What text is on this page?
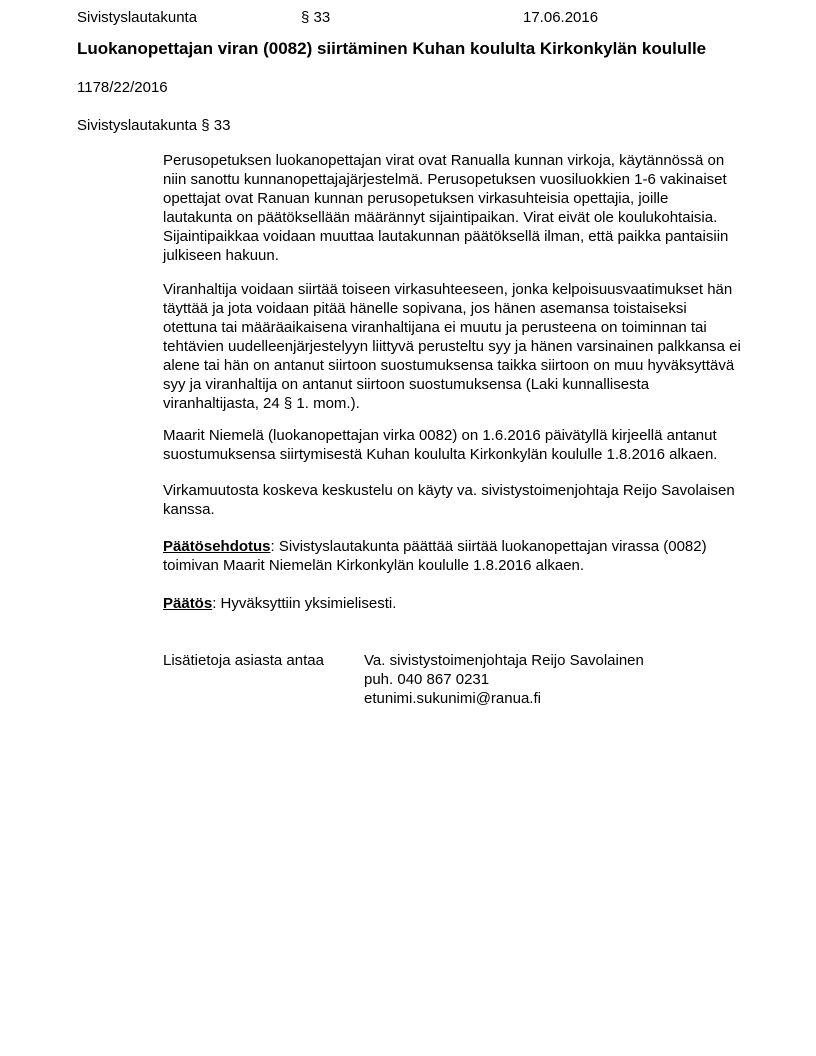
Sivistyslautakunta	§ 33	17.06.2016
Luokanopettajan viran (0082) siirtäminen Kuhan koululta Kirkonkylän koululle
1178/22/2016
Sivistyslautakunta § 33

Perusopetuksen luokanopettajan virat ovat Ranualla kunnan virkoja, käytännössä on niin sanottu kunnanopettajajärjestelmä. Perusopetuksen vuosiluokkien 1-6 vakinaiset opettajat ovat Ranuan kunnan perusopetuksen virkasuhteisia opettajia, joille lautakunta on päätöksellään määrännyt sijaintipaikan. Virat eivät ole koulukohtaisia. Sijaintipaikkaa voidaan muuttaa lautakunnan päätöksellä ilman, että paikka pantaisiin julkiseen hakuun.

Viranhaltija voidaan siirtää toiseen virkasuhteeseen, jonka kelpoisuusvaatimukset hän täyttää ja jota voidaan pitää hänelle sopivana, jos hänen asemansa toistaiseksi otettuna tai määräaikaisena viranhaltijana ei muutu ja perusteena on toiminnan tai tehtävien uudelleenjärjestelyyn liittyvä perusteltu syy ja hänen varsinainen palkkansa ei alene tai hän on antanut siirtoon suostumuksensa taikka siirtoon on muu hyväksyttävä syy ja viranhaltija on antanut siirtoon suostumuksensa (Laki kunnallisesta viranhaltijasta, 24 § 1. mom.).

Maarit Niemelä (luokanopettajan virka 0082) on 1.6.2016 päivätyllä kirjeellä antanut suostumuksensa siirtymisestä Kuhan koululta Kirkonkylän koululle 1.8.2016 alkaen.

Virkamuutosta koskeva keskustelu on käyty va. sivistystoimenjohtaja Reijo Savolaisen kanssa.

Päätösehdotus: Sivistyslautakunta päättää siirtää luokanopettajan virassa (0082) toimivan Maarit Niemelän Kirkonkylän koululle 1.8.2016 alkaen.

Päätös: Hyväksyttiin yksimielisesti.

Lisätietoja asiasta antaa	Va. sivistystoimenjohtaja Reijo Savolainen
puh. 040 867 0231
etunimi.sukunimi@ranua.fi
